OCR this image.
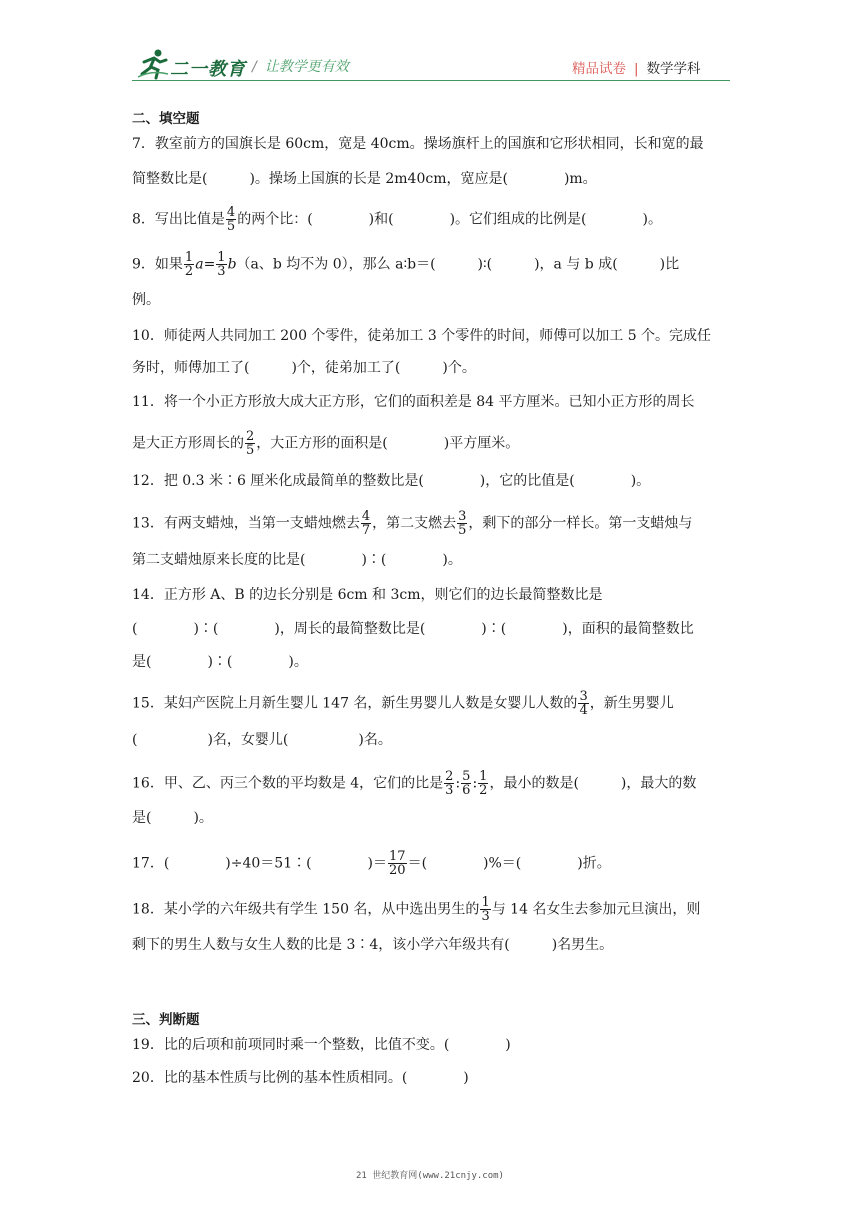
二一教育 / 让教学更有效	精品试卷 | 数学学科
二、填空题
7．教室前方的国旗长是 60cm，宽是 40cm。操场旗杆上的国旗和它形状相同，长和宽的最
简整数比是(　　　)。操场上国旗的长是 2m40cm，宽应是(　　　　)m。
8．写出比值是 $\frac{4}{5}$ 的两个比：(　　　　)和(　　　　)。它们组成的比例是(　　　　)。
9．如果 $\frac{1}{2} a= \frac{1}{3} b(a$、b 均不为 0），那么 a∶b＝(　　　)∶(　　　)，a 与 b 成(　　　)比
例。
10．师徒两人共同加工 200 个零件，徒弟加工 3 个零件的时间，师傅可以加工 5 个。完成任
务时，师傅加工了(　　　)个，徒弟加工了(　　　)个。
11．将一个小正方形放大成大正方形，它们的面积差是 84 平方厘米。已知小正方形的周长
是大正方形周长的 $\frac{2}{5}$ ，大正方形的面积是(　　　　)平方厘米。
12．把 0.3 米∶6 厘米化成最简单的整数比是(　　　　)，它的比值是(　　　　)。
13．有两支蜡烛，当第一支蜡烛燃去 $\frac{4}{7}$ ，第二支燃去 $\frac{3}{5}$ ，剩下的部分一样长。第一支蜡烛与
第二支蜡烛原来长度的比是(　　　　)∶(　　　　)。
14．正方形 A、B 的边长分别是 6cm 和 3cm，则它们的边长最简整数比是
(　　　　)∶(　　　　)，周长的最简整数比是(　　　　)∶(　　　　)，面积的最简整数比
是(　　　　)∶(　　　　)。
15．某妇产医院上月新生婴儿 147 名，新生男婴儿人数是女婴儿人数的 $\frac{3}{4}$ ，新生男婴儿
(　　　　　)名，女婴儿(　　　　　)名。
16．甲、乙、丙三个数的平均数是 4，它们的比是 $\frac{2}{3}$ : $\frac{5}{6}$ : $\frac{1}{2}$ ，最小的数是(　　　)，最大的数
是(　　　)。
17．(　　　　)÷40＝51∶(　　　　)＝ $\frac{17}{20}$ ＝(　　　　)%＝(　　　　)折。
18．某小学的六年级共有学生 150 名，从中选出男生的 $\frac{1}{3}$ 与 14 名女生去参加元旦演出，则
剩下的男生人数与女生人数的比是 3∶4，该小学六年级共有(　　　)名男生。
三、判断题
19．比的后项和前项同时乘一个整数，比值不变。(　　　　)
20．比的基本性质与比例的基本性质相同。(　　　　)
21 世纪教育网(www.21cnjy.com)
